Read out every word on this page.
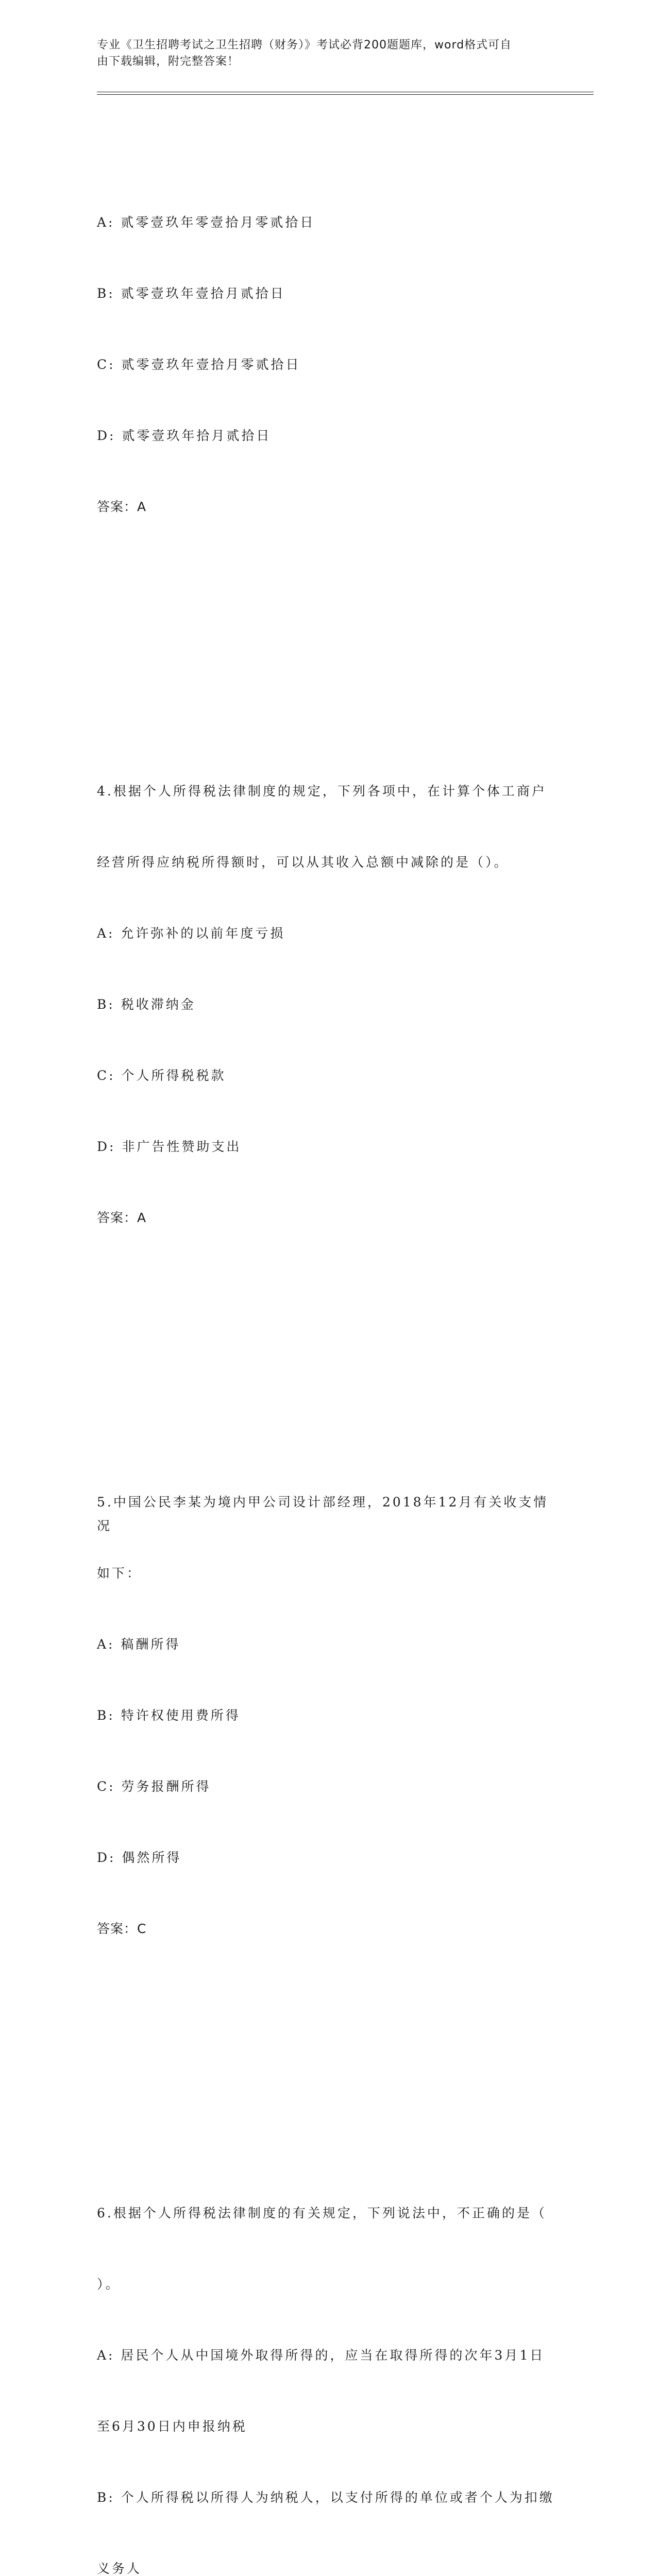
专业《卫生招聘考试之卫生招聘（财务）》考试必背200题题库，word格式可自
由下载编辑，附完整答案！

A: 贰零壹玖年零壹拾月零贰拾日

B: 贰零壹玖年壹拾月贰拾日

C: 贰零壹玖年壹拾月零贰拾日

D: 贰零壹玖年拾月贰拾日

答案：A

4.根据个人所得税法律制度的规定，下列各项中，在计算个体工商户

经营所得应纳税所得额时，可以从其收入总额中减除的是（）。

A: 允许弥补的以前年度亏损

B: 税收滞纳金

C: 个人所得税税款

D: 非广告性赞助支出

答案：A

5.中国公民李某为境内甲公司设计部经理，2018年12月有关收支情况

如下：

A: 稿酬所得

B: 特许权使用费所得

C: 劳务报酬所得

D: 偶然所得

答案：C

6.根据个人所得税法律制度的有关规定，下列说法中，不正确的是（

）。

A: 居民个人从中国境外取得所得的，应当在取得所得的次年3月1日

至6月30日内申报纳税

B: 个人所得税以所得人为纳税人，以支付所得的单位或者个人为扣缴

义务人
